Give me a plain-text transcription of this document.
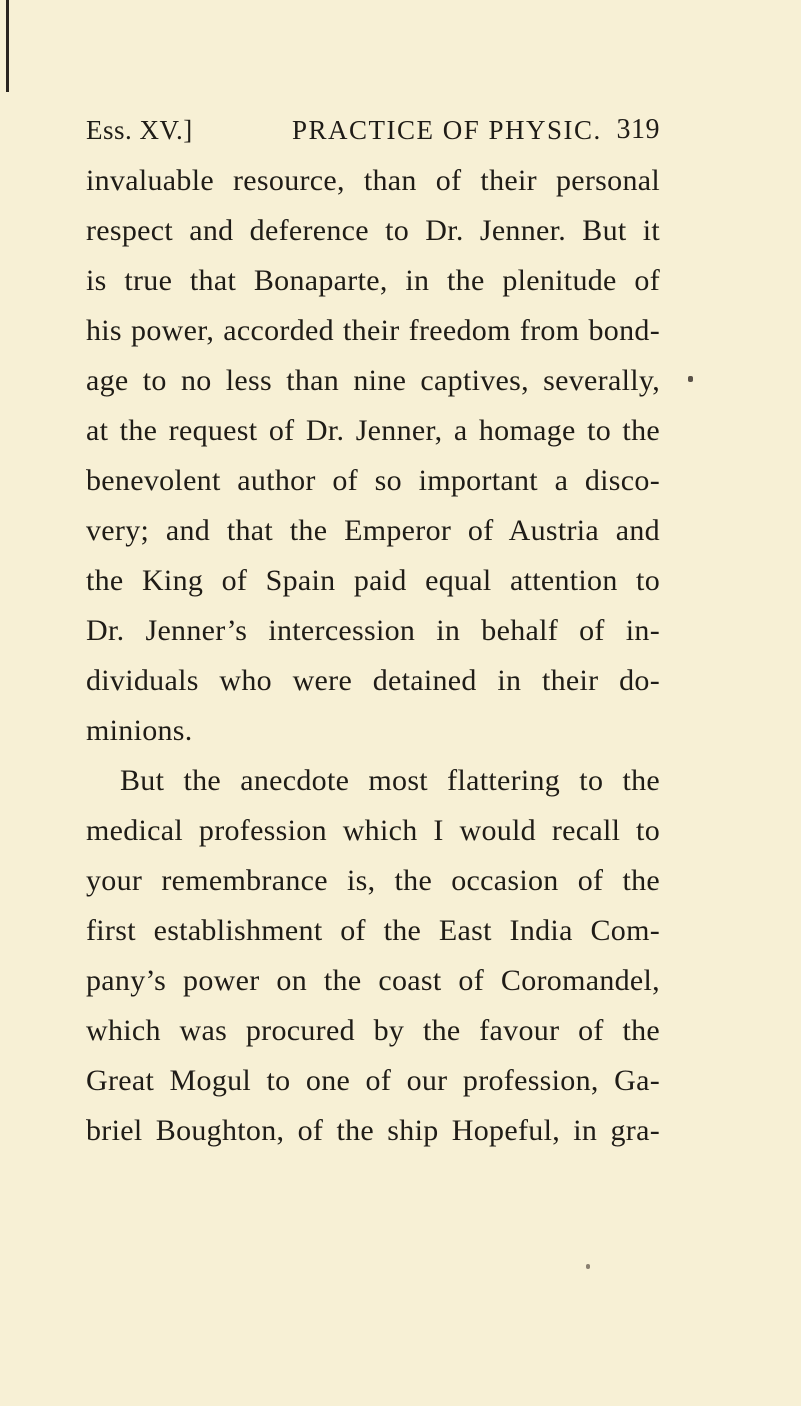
Ess. XV.]	PRACTICE OF PHYSIC. 319
invaluable resource, than of their personal
respect and deference to Dr. Jenner. But it
is true that Bonaparte, in the plenitude of
his power, accorded their freedom from bond-
age to no less than nine captives, severally,
at the request of Dr. Jenner, a homage to the
benevolent author of so important a disco-
very; and that the Emperor of Austria and
the King of Spain paid equal attention to
Dr. Jenner’s intercession in behalf of in-
dividuals who were detained in their do-
minions.
But the anecdote most flattering to the
medical profession which I would recall to
your remembrance is, the occasion of the
first establishment of the East India Com-
pany’s power on the coast of Coromandel,
which was procured by the favour of the
Great Mogul to one of our profession, Ga-
briel Boughton, of the ship Hopeful, in gra-
